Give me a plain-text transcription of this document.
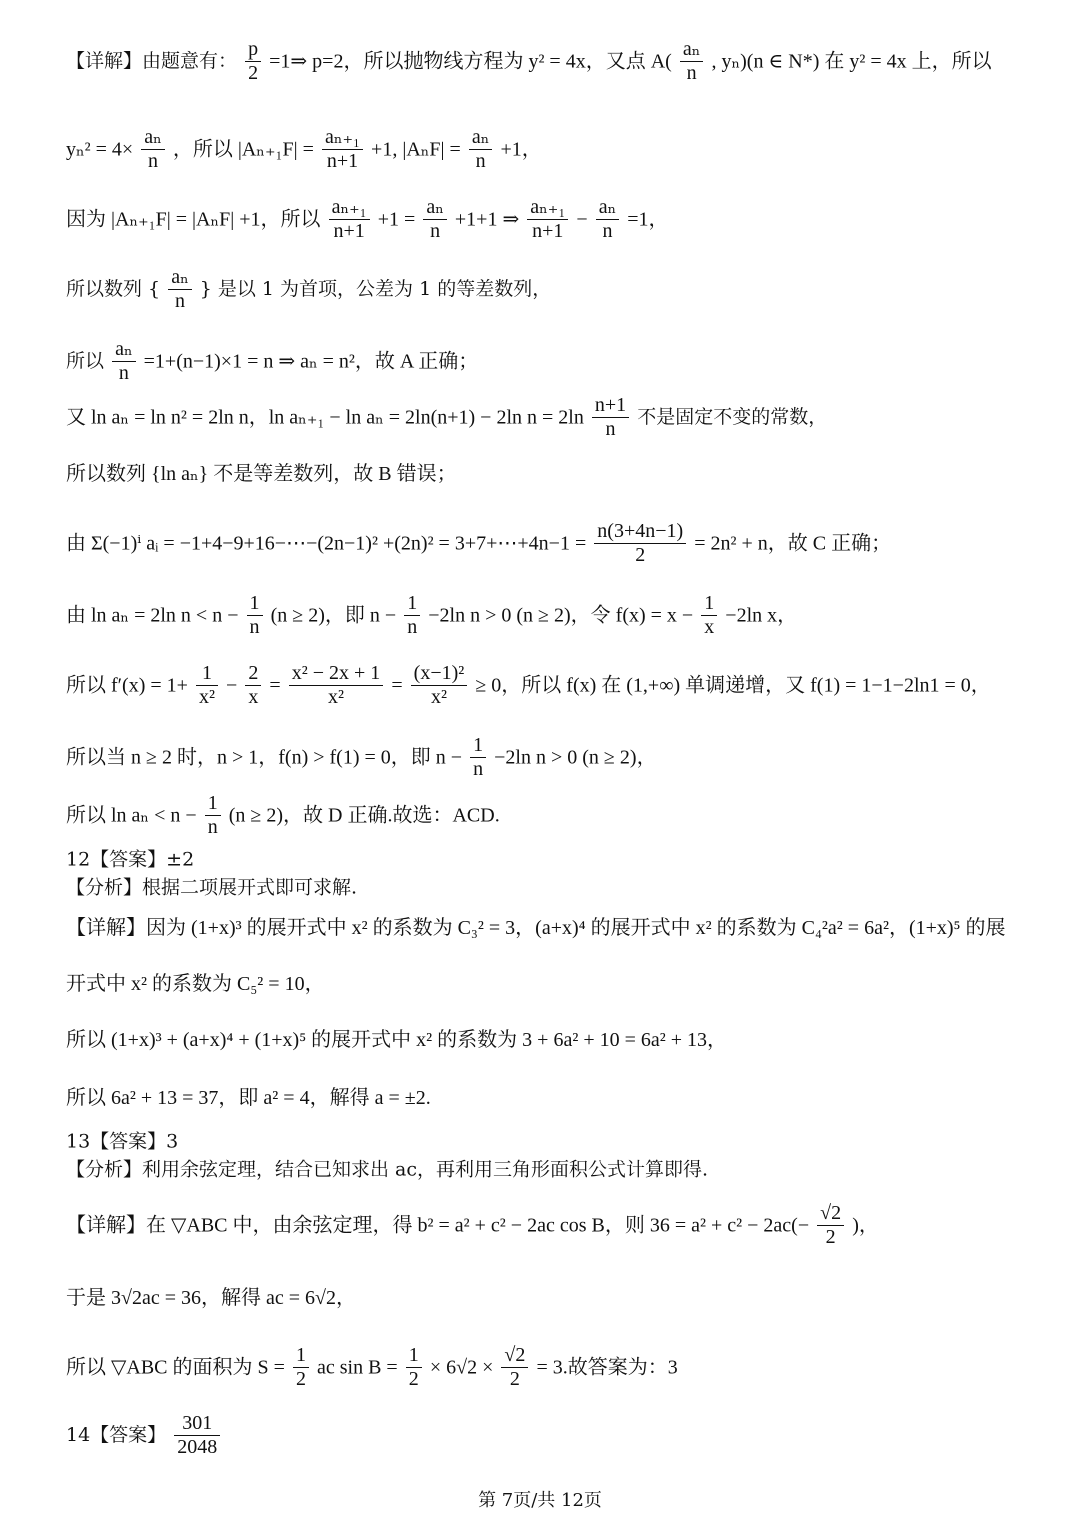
【详解】由题意有： $\frac{p}{2}$ =1⇒ p=2，所以抛物线方程为 y² = 4x，又点 $A( \frac{\text{aₙ}}{n}$ , yₙ)(n ∈ N*) 在 y² = 4x 上，所以
$y_n^2 = 4\times \frac{\text{aₙ}}{n}$ ，所以 $|A_{n+1}F| = \frac{\text{aₙ₊₁}}{n+1} +1$, $|A_nF| = \frac{\text{aₙ}}{n} +1$，
因为 |Aₙ₊₁F| = |AₙF| +1，所以 $\frac{\text{aₙ₊₁}}{n+1} +1 = \frac{\text{aₙ}}{n} +1+1$ ⇒ $\frac{\text{aₙ₊₁}}{n+1} - \frac{\text{aₙ}}{n} =1$，
所以数列 { $\frac{\text{aₙ}}{n}$ } 是以 1 为首项，公差为 1 的等差数列，
所以 $\frac{\text{aₙ}}{n} =1+(n-1)\times 1 = n$ ⇒ aₙ = n²，故 A 正确；
又 ln aₙ = ln n² = 2ln n，ln aₙ₊₁ − ln aₙ = 2ln(n+1) − 2ln $n = 2\ln \frac{n+1}{n}$ 不是固定不变的常数，
所以数列 {ln aₙ} 不是等差数列，故 B 错误；
由 Σ(−1)ⁱ aᵢ = −1+4−9+16−⋯−(2n−1)² +(2n)² = 3+7+⋯+4n−1 = $\frac{n(3+4n-1)}{2} = 2n^2 + n$，故 C 正确；
由 ln aₙ = 2ln $n < n - \frac{1}{n} (n \ge 2)$，即 $n - \frac{1}{n} -2\ln$ n > 0 (n ≥ 2)，令 $f(x) = x - \frac{1}{x} -2\ln$ x，
所以 $f'(x) = 1+ \frac{1}{\text{x²}} - \frac{2}{x} = \frac{\text{x² − 2x + 1}}{\text{x²}} = \frac{\text{(x−1)²}}{\text{x²}} \ge 0$，所以 f(x) 在 (1,+∞) 单调递增，又 f(1) = 1−1−2ln1 = 0，
所以当 n ≥ 2 时，n > 1，f(n) > f(1) = 0，即 $n - \frac{1}{n} -2\ln$ n > 0 (n ≥ 2)，
所以 $\ln a_n < n - \frac{1}{n} (n \ge 2)$，故 D 正确.故选：ACD.
12【答案】±2
【分析】根据二项展开式即可求解.
【详解】因为 (1+x)³ 的展开式中 x² 的系数为 C₃² = 3，(a+x)⁴ 的展开式中 x² 的系数为 C₄²a² = 6a²，(1+x)⁵ 的展
开式中 x² 的系数为 C₅² = 10，
所以 (1+x)³ + (a+x)⁴ + (1+x)⁵ 的展开式中 x² 的系数为 3 + 6a² + 10 = 6a² + 13，
所以 6a² + 13 = 37，即 a² = 4，解得 a = ±2.
13【答案】3
【分析】利用余弦定理，结合已知求出 ac，再利用三角形面积公式计算即得.
【详解】在 ▽ABC 中，由余弦定理，得 b² = a² + c² − 2ac cos B，则 $36 = a^2 + c^2 - 2ac(- \frac{√2}{2}$ )，
于是 3√2ac = 36，解得 ac = 6√2，
所以 ▽ABC 的面积为 $S = \frac{1}{2}$ ac $\sin B = \frac{1}{2} \times 6√2 \times \frac{√2}{2} = 3$.故答案为：3
14【答案】 $\frac{301}{2048}$
第 7页/共 12页
